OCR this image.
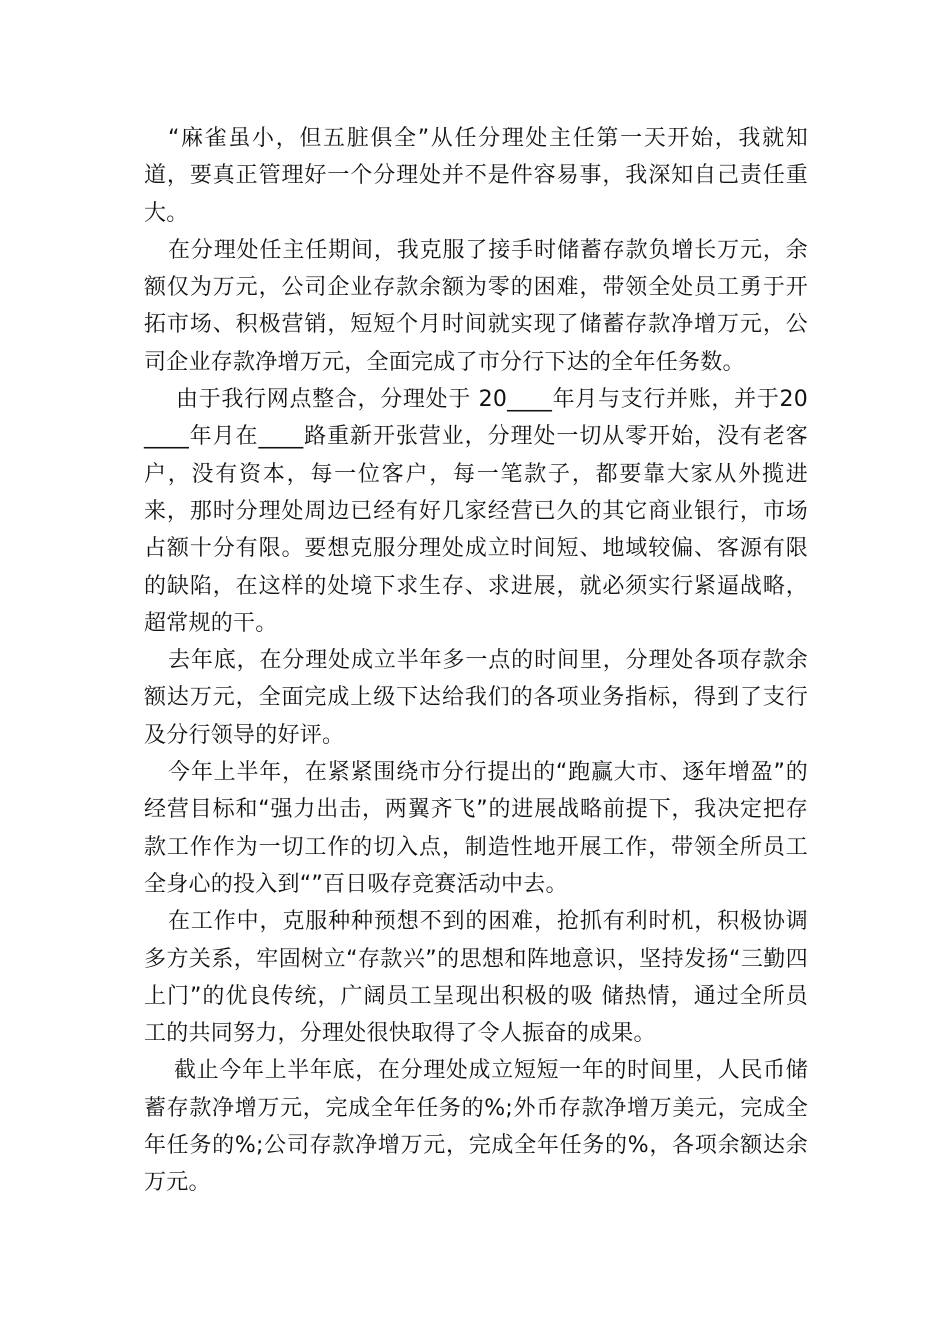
“麻雀虽小，但五脏俱全”从任分理处主任第一天开始，我就知道，要真正管理好一个分理处并不是件容易事，我深知自己责任重大。

在分理处任主任期间，我克服了接手时储蓄存款负增长万元，余额仅为万元，公司企业存款余额为零的困难，带领全处员工勇于开拓市场、积极营销，短短个月时间就实现了储蓄存款净增万元，公司企业存款净增万元，全面完成了市分行下达的全年任务数。

由于我行网点整合，分理处于 20____年月与支行并账，并于20____年月在____路重新开张营业，分理处一切从零开始，没有老客户，没有资本，每一位客户，每一笔款子，都要靠大家从外揽进来，那时分理处周边已经有好几家经营已久的其它商业银行，市场占额十分有限。要想克服分理处成立时间短、地域较偏、客源有限的缺陷，在这样的处境下求生存、求进展，就必须实行紧逼战略，超常规的干。

去年底，在分理处成立半年多一点的时间里，分理处各项存款余额达万元，全面完成上级下达给我们的各项业务指标，得到了支行及分行领导的好评。

今年上半年，在紧紧围绕市分行提出的“跑赢大市、逐年增盈”的经营目标和“强力出击，两翼齐飞”的进展战略前提下，我决定把存款工作作为一切工作的切入点，制造性地开展工作，带领全所员工全身心的投入到“”百日吸存竞赛活动中去。

在工作中，克服种种预想不到的困难，抢抓有利时机，积极协调多方关系，牢固树立“存款兴”的思想和阵地意识，坚持发扬“三勤四上门”的优良传统，广阔员工呈现出积极的吸 储热情，通过全所员工的共同努力，分理处很快取得了令人振奋的成果。

截止今年上半年底，在分理处成立短短一年的时间里，人民币储蓄存款净增万元，完成全年任务的%;外币存款净增万美元，完成全年任务的%;公司存款净增万元，完成全年任务的%，各项余额达余万元。
